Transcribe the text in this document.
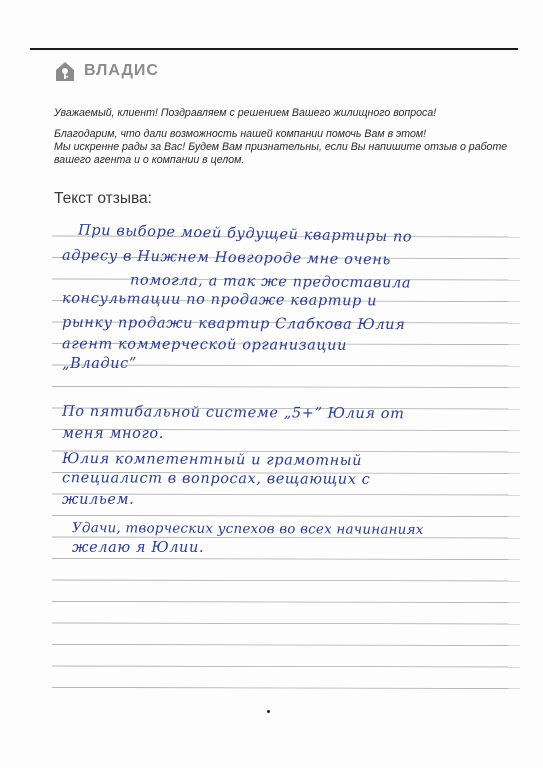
ВЛАДИС
Уважаемый, клиент! Поздравляем с решением Вашего жилищного вопроса!
Благодарим, что дали возможность нашей компании помочь Вам в этом!
Мы искренне рады за Вас! Будем Вам признательны, если Вы напишите отзыв о работе
вашего агента и о компании в целом.
Текст отзыва:
При выборе моей будущей квартиры по
адресу в Нижнем Новгороде мне очень
помогла, а так же предоставила
консультации по продаже квартир и
рынку продажи квартир Слабкова Юлия
агент коммерческой организации
„Владис”
По пятибальной системе „5+” Юлия от
меня много.
Юлия компетентный и грамотный
специалист в вопросах, вещающих с
жильем.
Удачи, творческих успехов во всех начинаниях
желаю я Юлии.
